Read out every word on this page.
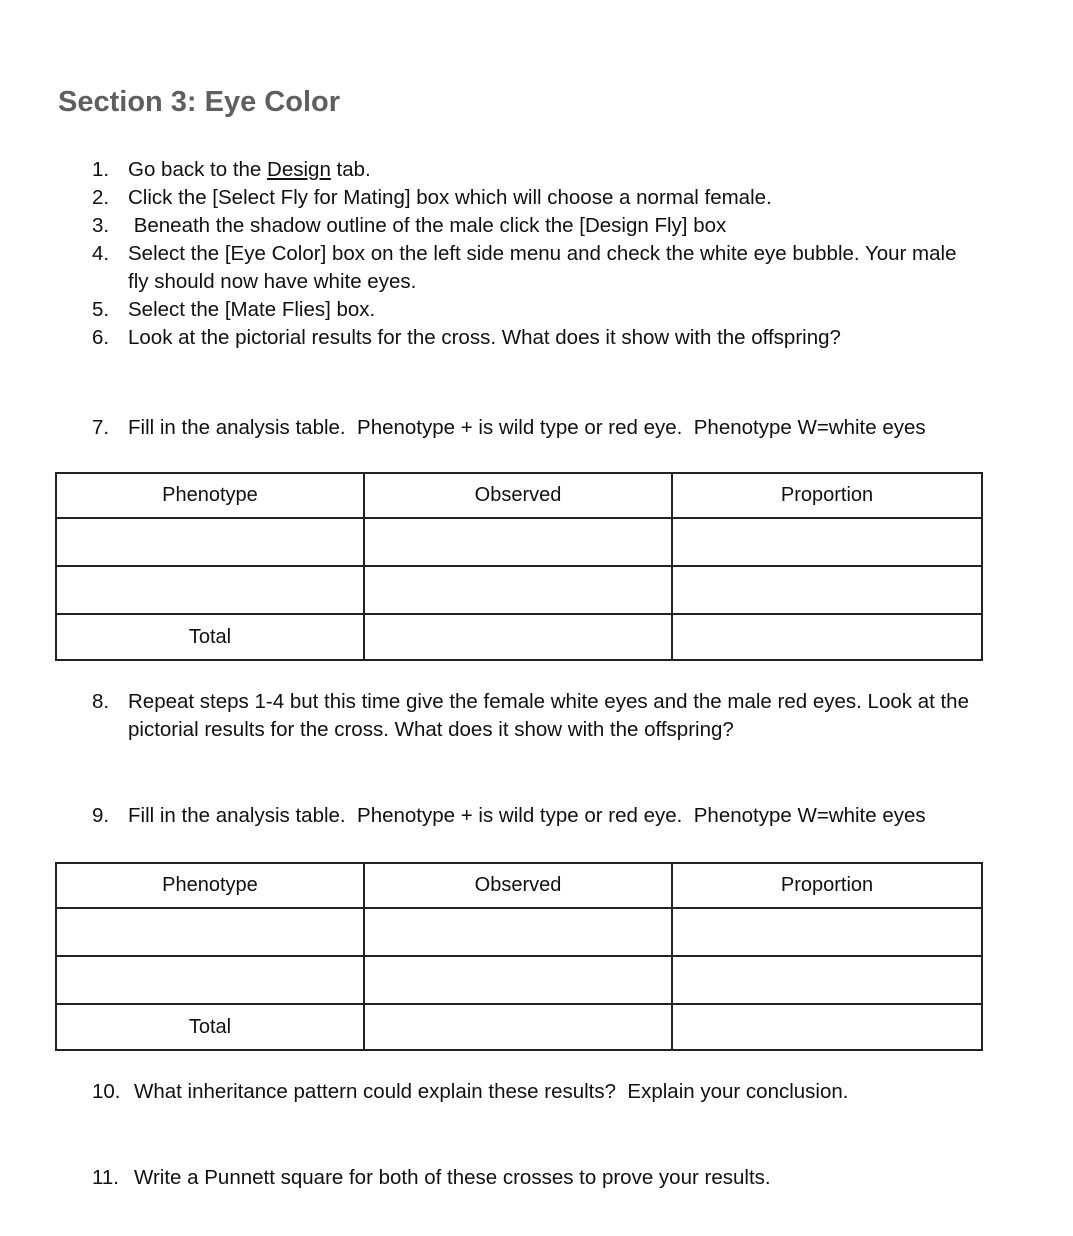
Section 3: Eye Color
1. Go back to the Design tab.
2. Click the [Select Fly for Mating] box which will choose a normal female.
3. Beneath the shadow outline of the male click the [Design Fly] box
4. Select the [Eye Color] box on the left side menu and check the white eye bubble. Your male fly should now have white eyes.
5. Select the [Mate Flies] box.
6. Look at the pictorial results for the cross. What does it show with the offspring?
7. Fill in the analysis table.  Phenotype + is wild type or red eye.  Phenotype W=white eyes
Phenotype	Observed	Proportion

Total		
8. Repeat steps 1-4 but this time give the female white eyes and the male red eyes. Look at the pictorial results for the cross. What does it show with the offspring?
9. Fill in the analysis table.  Phenotype + is wild type or red eye.  Phenotype W=white eyes
Phenotype	Observed	Proportion

Total		
10. What inheritance pattern could explain these results?  Explain your conclusion.
11. Write a Punnett square for both of these crosses to prove your results.
